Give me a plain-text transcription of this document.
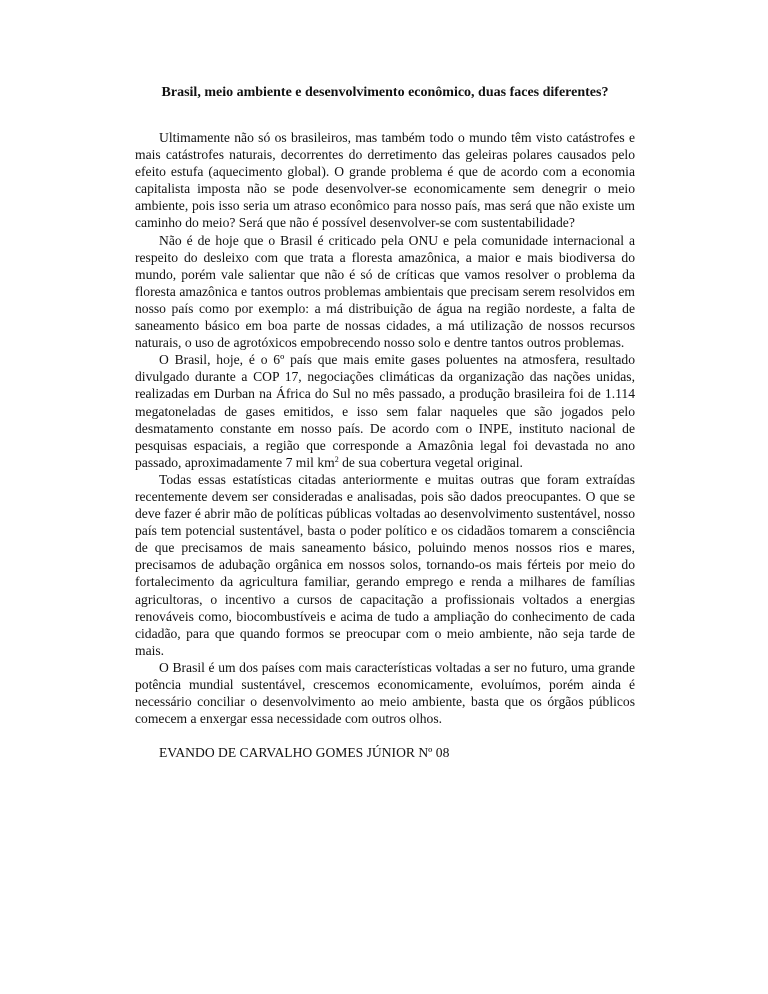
Brasil, meio ambiente e desenvolvimento econômico, duas faces diferentes?

Ultimamente não só os brasileiros, mas também todo o mundo têm visto catástrofes e mais catástrofes naturais, decorrentes do derretimento das geleiras polares causados pelo efeito estufa (aquecimento global). O grande problema é que de acordo com a economia capitalista imposta não se pode desenvolver-se economicamente sem denegrir o meio ambiente, pois isso seria um atraso econômico para nosso país, mas será que não existe um caminho do meio? Será que não é possível desenvolver-se com sustentabilidade?

Não é de hoje que o Brasil é criticado pela ONU e pela comunidade internacional a respeito do desleixo com que trata a floresta amazônica, a maior e mais biodiversa do mundo, porém vale salientar que não é só de críticas que vamos resolver o problema da floresta amazônica e tantos outros problemas ambientais que precisam serem resolvidos em nosso país como por exemplo: a má distribuição de água na região nordeste, a falta de saneamento básico em boa parte de nossas cidades, a má utilização de nossos recursos naturais, o uso de agrotóxicos empobrecendo nosso solo e dentre tantos outros problemas.

O Brasil, hoje, é o 6º país que mais emite gases poluentes na atmosfera, resultado divulgado durante a COP 17, negociações climáticas da organização das nações unidas, realizadas em Durban na África do Sul no mês passado, a produção brasileira foi de 1.114 megatoneladas de gases emitidos, e isso sem falar naqueles que são jogados pelo desmatamento constante em nosso país. De acordo com o INPE, instituto nacional de pesquisas espaciais, a região que corresponde a Amazônia legal foi devastada no ano passado, aproximadamente 7 mil $km^2$ de sua cobertura vegetal original.

Todas essas estatísticas citadas anteriormente e muitas outras que foram extraídas recentemente devem ser consideradas e analisadas, pois são dados preocupantes. O que se deve fazer é abrir mão de políticas públicas voltadas ao desenvolvimento sustentável, nosso país tem potencial sustentável, basta o poder político e os cidadãos tomarem a consciência de que precisamos de mais saneamento básico, poluindo menos nossos rios e mares, precisamos de adubação orgânica em nossos solos, tornando-os mais férteis por meio do fortalecimento da agricultura familiar, gerando emprego e renda a milhares de famílias agricultoras, o incentivo a cursos de capacitação a profissionais voltados a energias renováveis como, biocombustíveis e acima de tudo a ampliação do conhecimento de cada cidadão, para que quando formos se preocupar com o meio ambiente, não seja tarde de mais.

O Brasil é um dos países com mais características voltadas a ser no futuro, uma grande potência mundial sustentável, crescemos economicamente, evoluímos, porém ainda é necessário conciliar o desenvolvimento ao meio ambiente, basta que os órgãos públicos comecem a enxergar essa necessidade com outros olhos.

EVANDO DE CARVALHO GOMES JÚNIOR Nº 08
